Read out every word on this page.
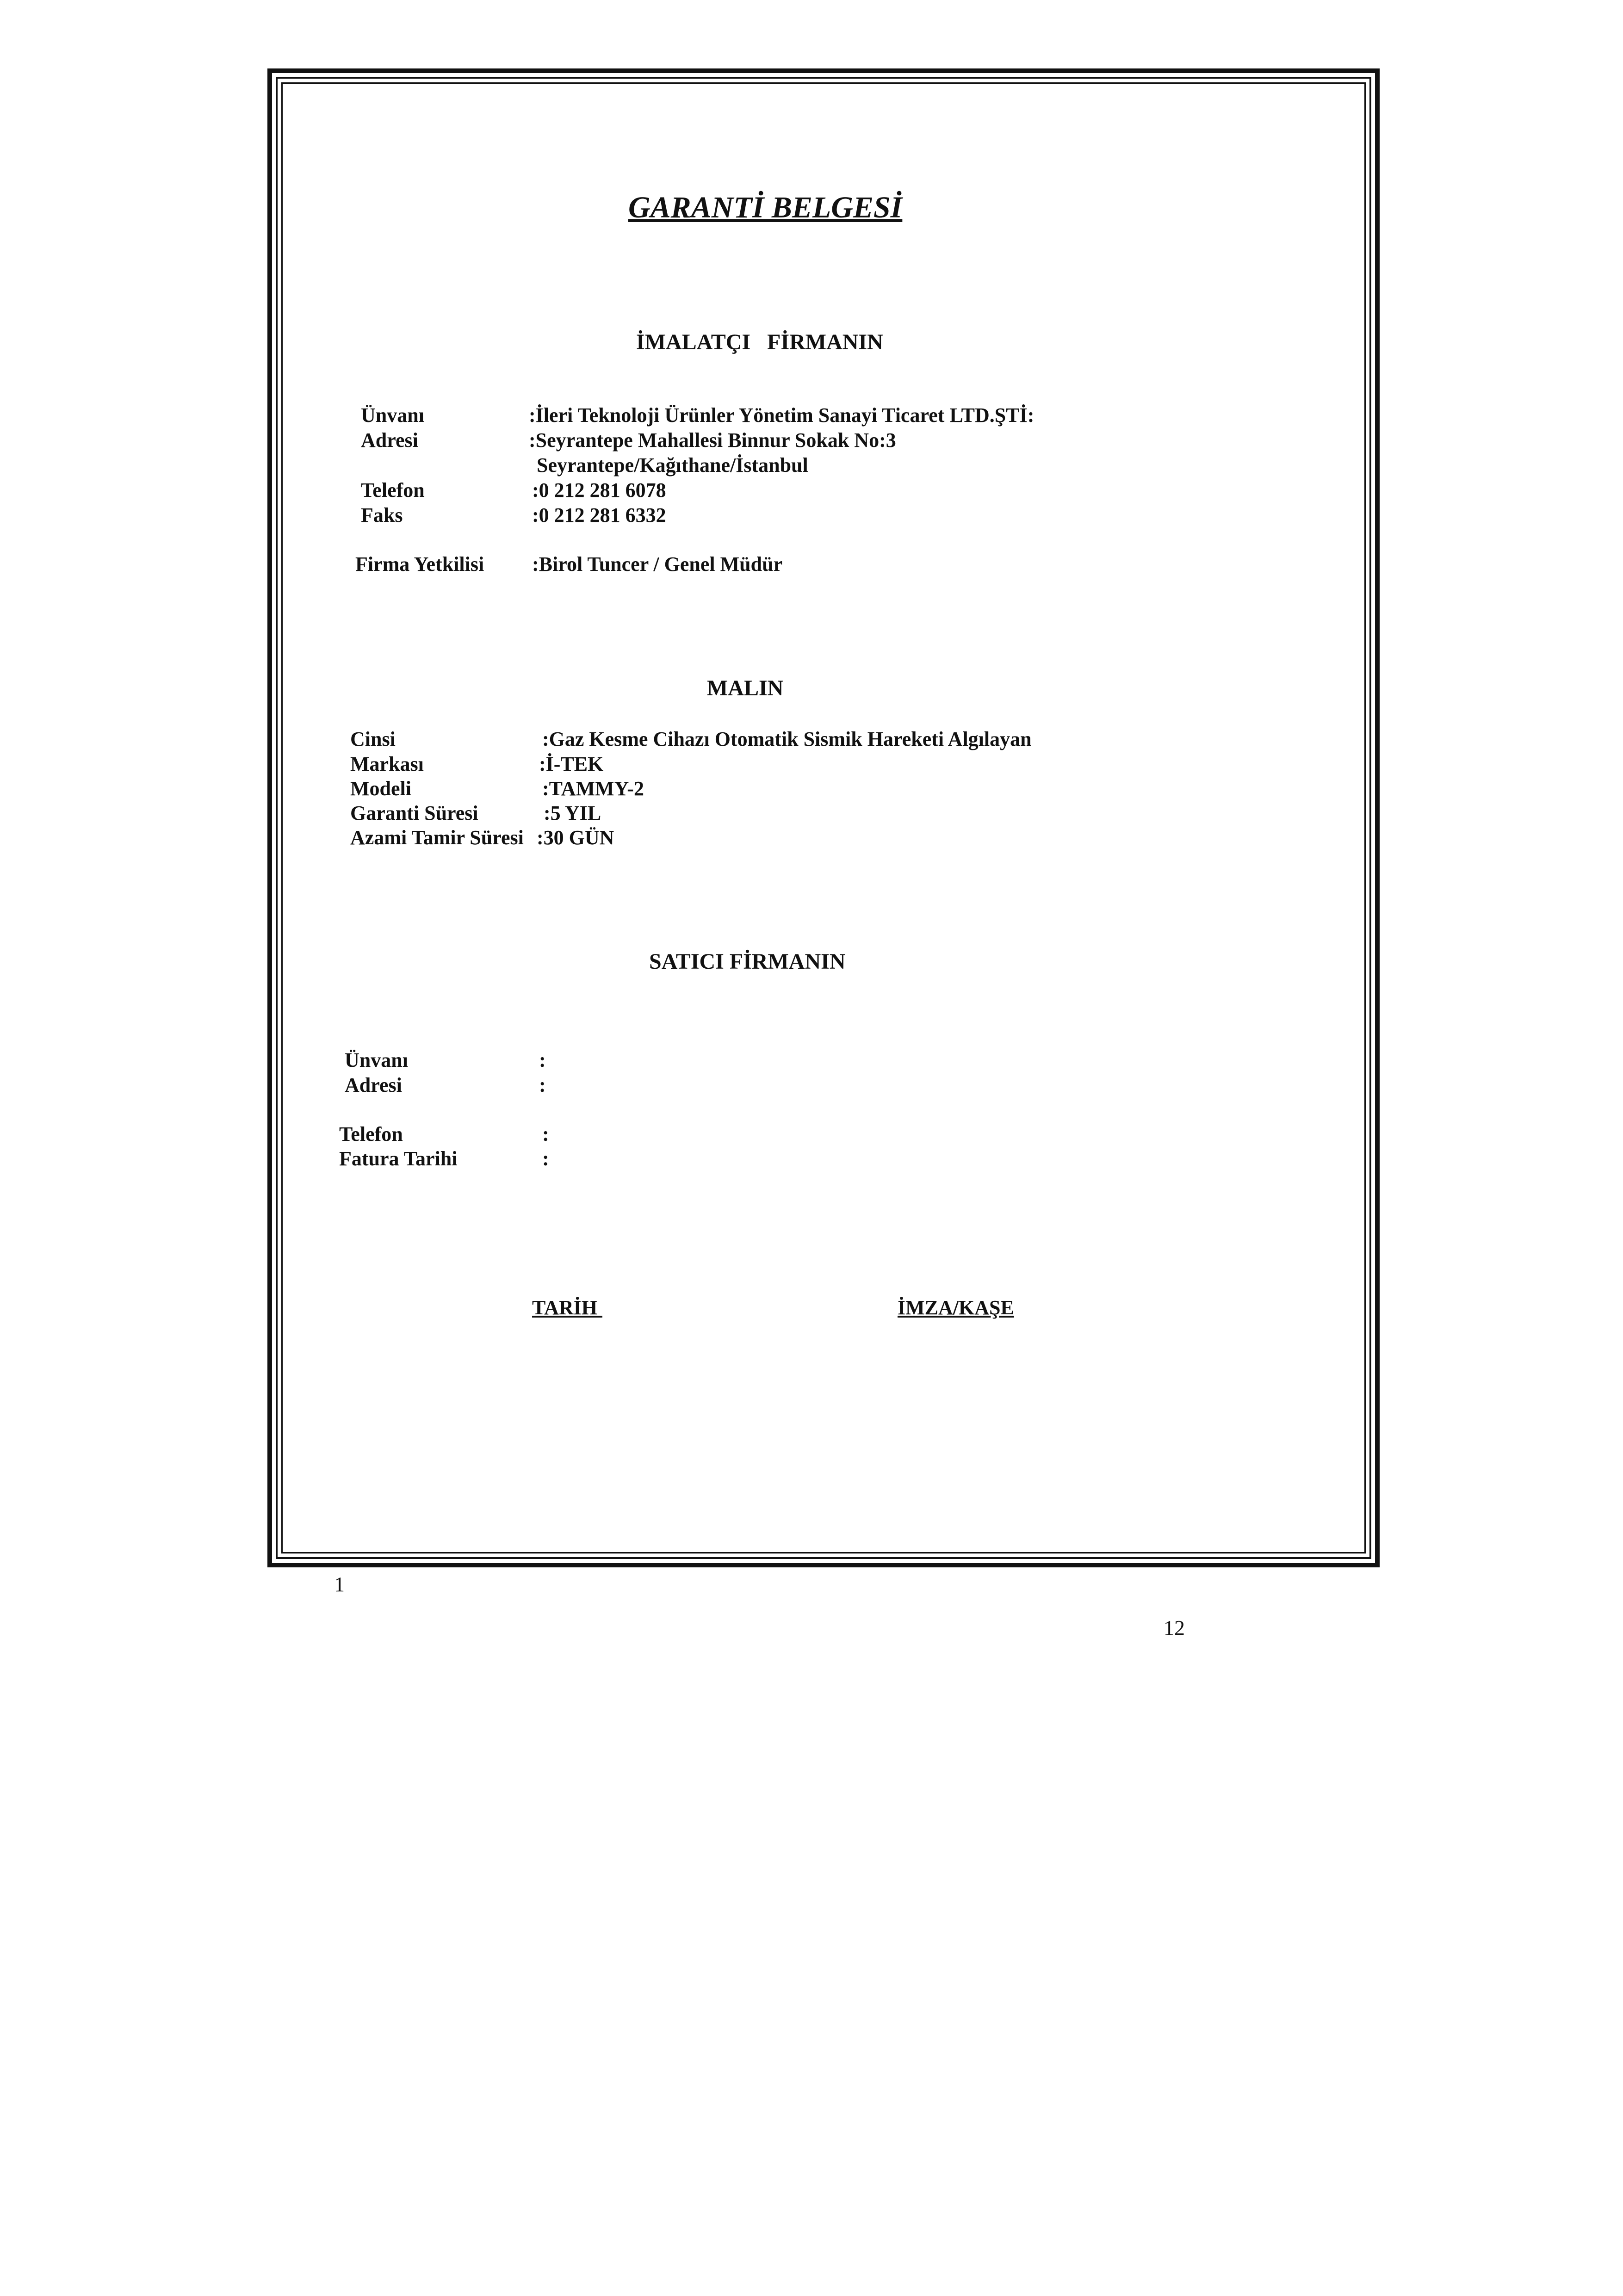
GARANTİ BELGESİ
İMALATÇI   FİRMANIN
Ünvanı	:İleri Teknoloji Ürünler Yönetim Sanayi Ticaret LTD.ŞTİ:
Adresi	:Seyrantepe Mahallesi Binnur Sokak No:3
Seyrantepe/Kağıthane/İstanbul
Telefon	:0 212 281 6078
Faks	:0 212 281 6332
Firma Yetkilisi :Birol Tuncer / Genel Müdür
MALIN
Cinsi	:Gaz Kesme Cihazı Otomatik Sismik Hareketi Algılayan
Markası	:İ-TEK
Modeli	:TAMMY-2
Garanti Süresi	:5 YIL
Azami Tamir Süresi :30 GÜN
SATICI FİRMANIN
Ünvanı	:
Adresi	:
Telefon	:
Fatura Tarihi	:
TARİH	İMZA/KAŞE
1
12
